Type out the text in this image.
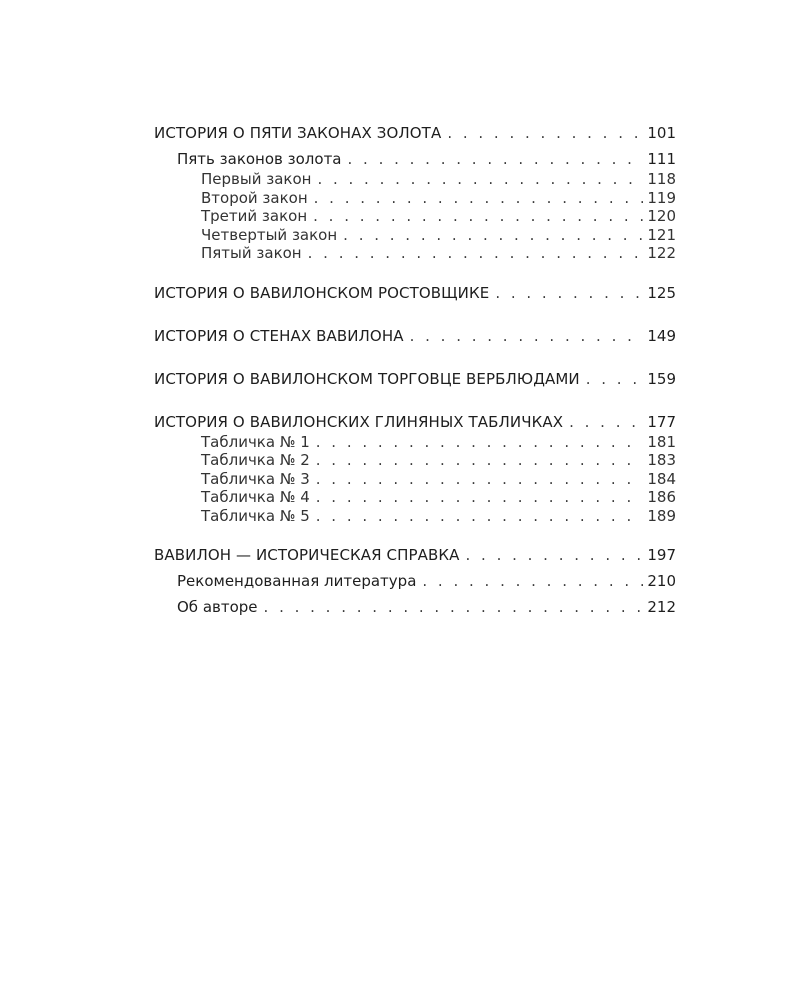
ИСТОРИЯ О ПЯТИ ЗАКОНАХ ЗОЛОТА . . .	101
Пять законов золота . . .	111
Первый закон . . .	118
Второй закон . . .	119
Третий закон . . .	120
Четвертый закон . . .	121
Пятый закон . . .	122
ИСТОРИЯ О ВАВИЛОНСКОМ РОСТОВЩИКЕ . . .	125
ИСТОРИЯ О СТЕНАХ ВАВИЛОНА . . .	149
ИСТОРИЯ О ВАВИЛОНСКОМ ТОРГОВЦЕ ВЕРБЛЮДАМИ . . .	159
ИСТОРИЯ О ВАВИЛОНСКИХ ГЛИНЯНЫХ ТАБЛИЧКАХ . . .	177
Табличка № 1 . . .	181
Табличка № 2 . . .	183
Табличка № 3 . . .	184
Табличка № 4 . . .	186
Табличка № 5 . . .	189
ВАВИЛОН — ИСТОРИЧЕСКАЯ СПРАВКА . . .	197
Рекомендованная литература . . .	210
Об авторе . . .	212
